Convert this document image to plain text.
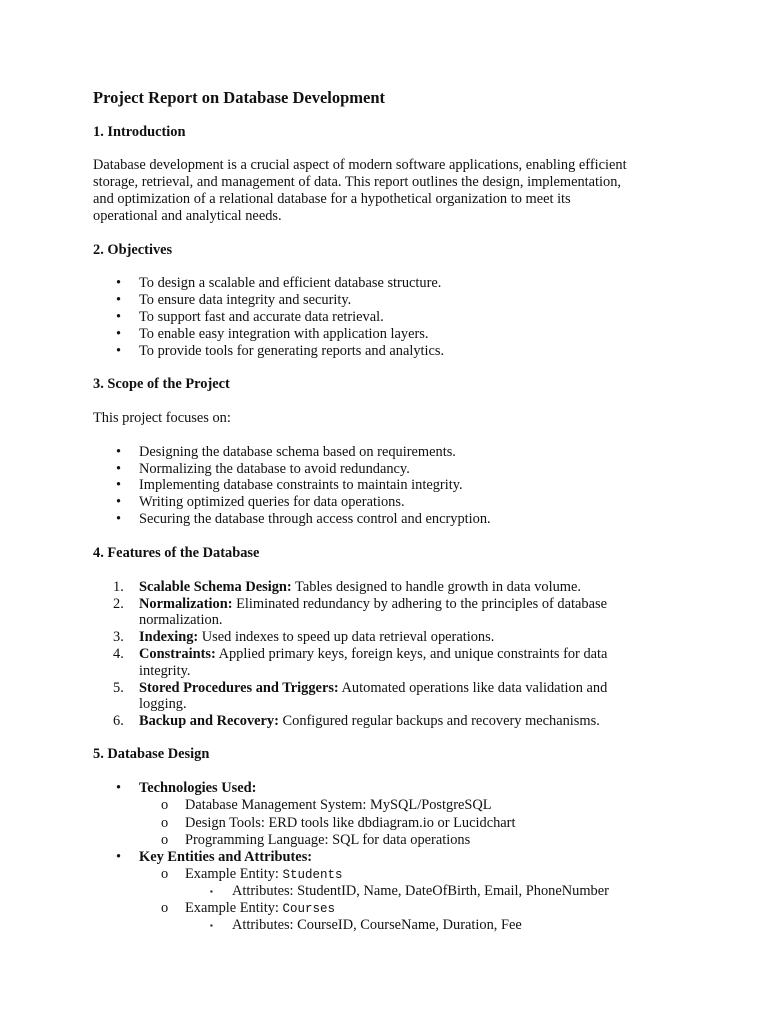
Project Report on Database Development
1. Introduction
Database development is a crucial aspect of modern software applications, enabling efficient
storage, retrieval, and management of data. This report outlines the design, implementation,
and optimization of a relational database for a hypothetical organization to meet its
operational and analytical needs.
2. Objectives
•	To design a scalable and efficient database structure.
•	To ensure data integrity and security.
•	To support fast and accurate data retrieval.
•	To enable easy integration with application layers.
•	To provide tools for generating reports and analytics.
3. Scope of the Project
This project focuses on:
•	Designing the database schema based on requirements.
•	Normalizing the database to avoid redundancy.
•	Implementing database constraints to maintain integrity.
•	Writing optimized queries for data operations.
•	Securing the database through access control and encryption.
4. Features of the Database
1.	Scalable Schema Design: Tables designed to handle growth in data volume.
2.	Normalization: Eliminated redundancy by adhering to the principles of database
normalization.
3.	Indexing: Used indexes to speed up data retrieval operations.
4.	Constraints: Applied primary keys, foreign keys, and unique constraints for data
integrity.
5.	Stored Procedures and Triggers: Automated operations like data validation and
logging.
6.	Backup and Recovery: Configured regular backups and recovery mechanisms.
5. Database Design
•	Technologies Used:
o Database Management System: MySQL/PostgreSQL
o Design Tools: ERD tools like dbdiagram.io or Lucidchart
o Programming Language: SQL for data operations
•	Key Entities and Attributes:
o Example Entity: Students
▪ Attributes: StudentID, Name, DateOfBirth, Email, PhoneNumber
o Example Entity: Courses
▪ Attributes: CourseID, CourseName, Duration, Fee
